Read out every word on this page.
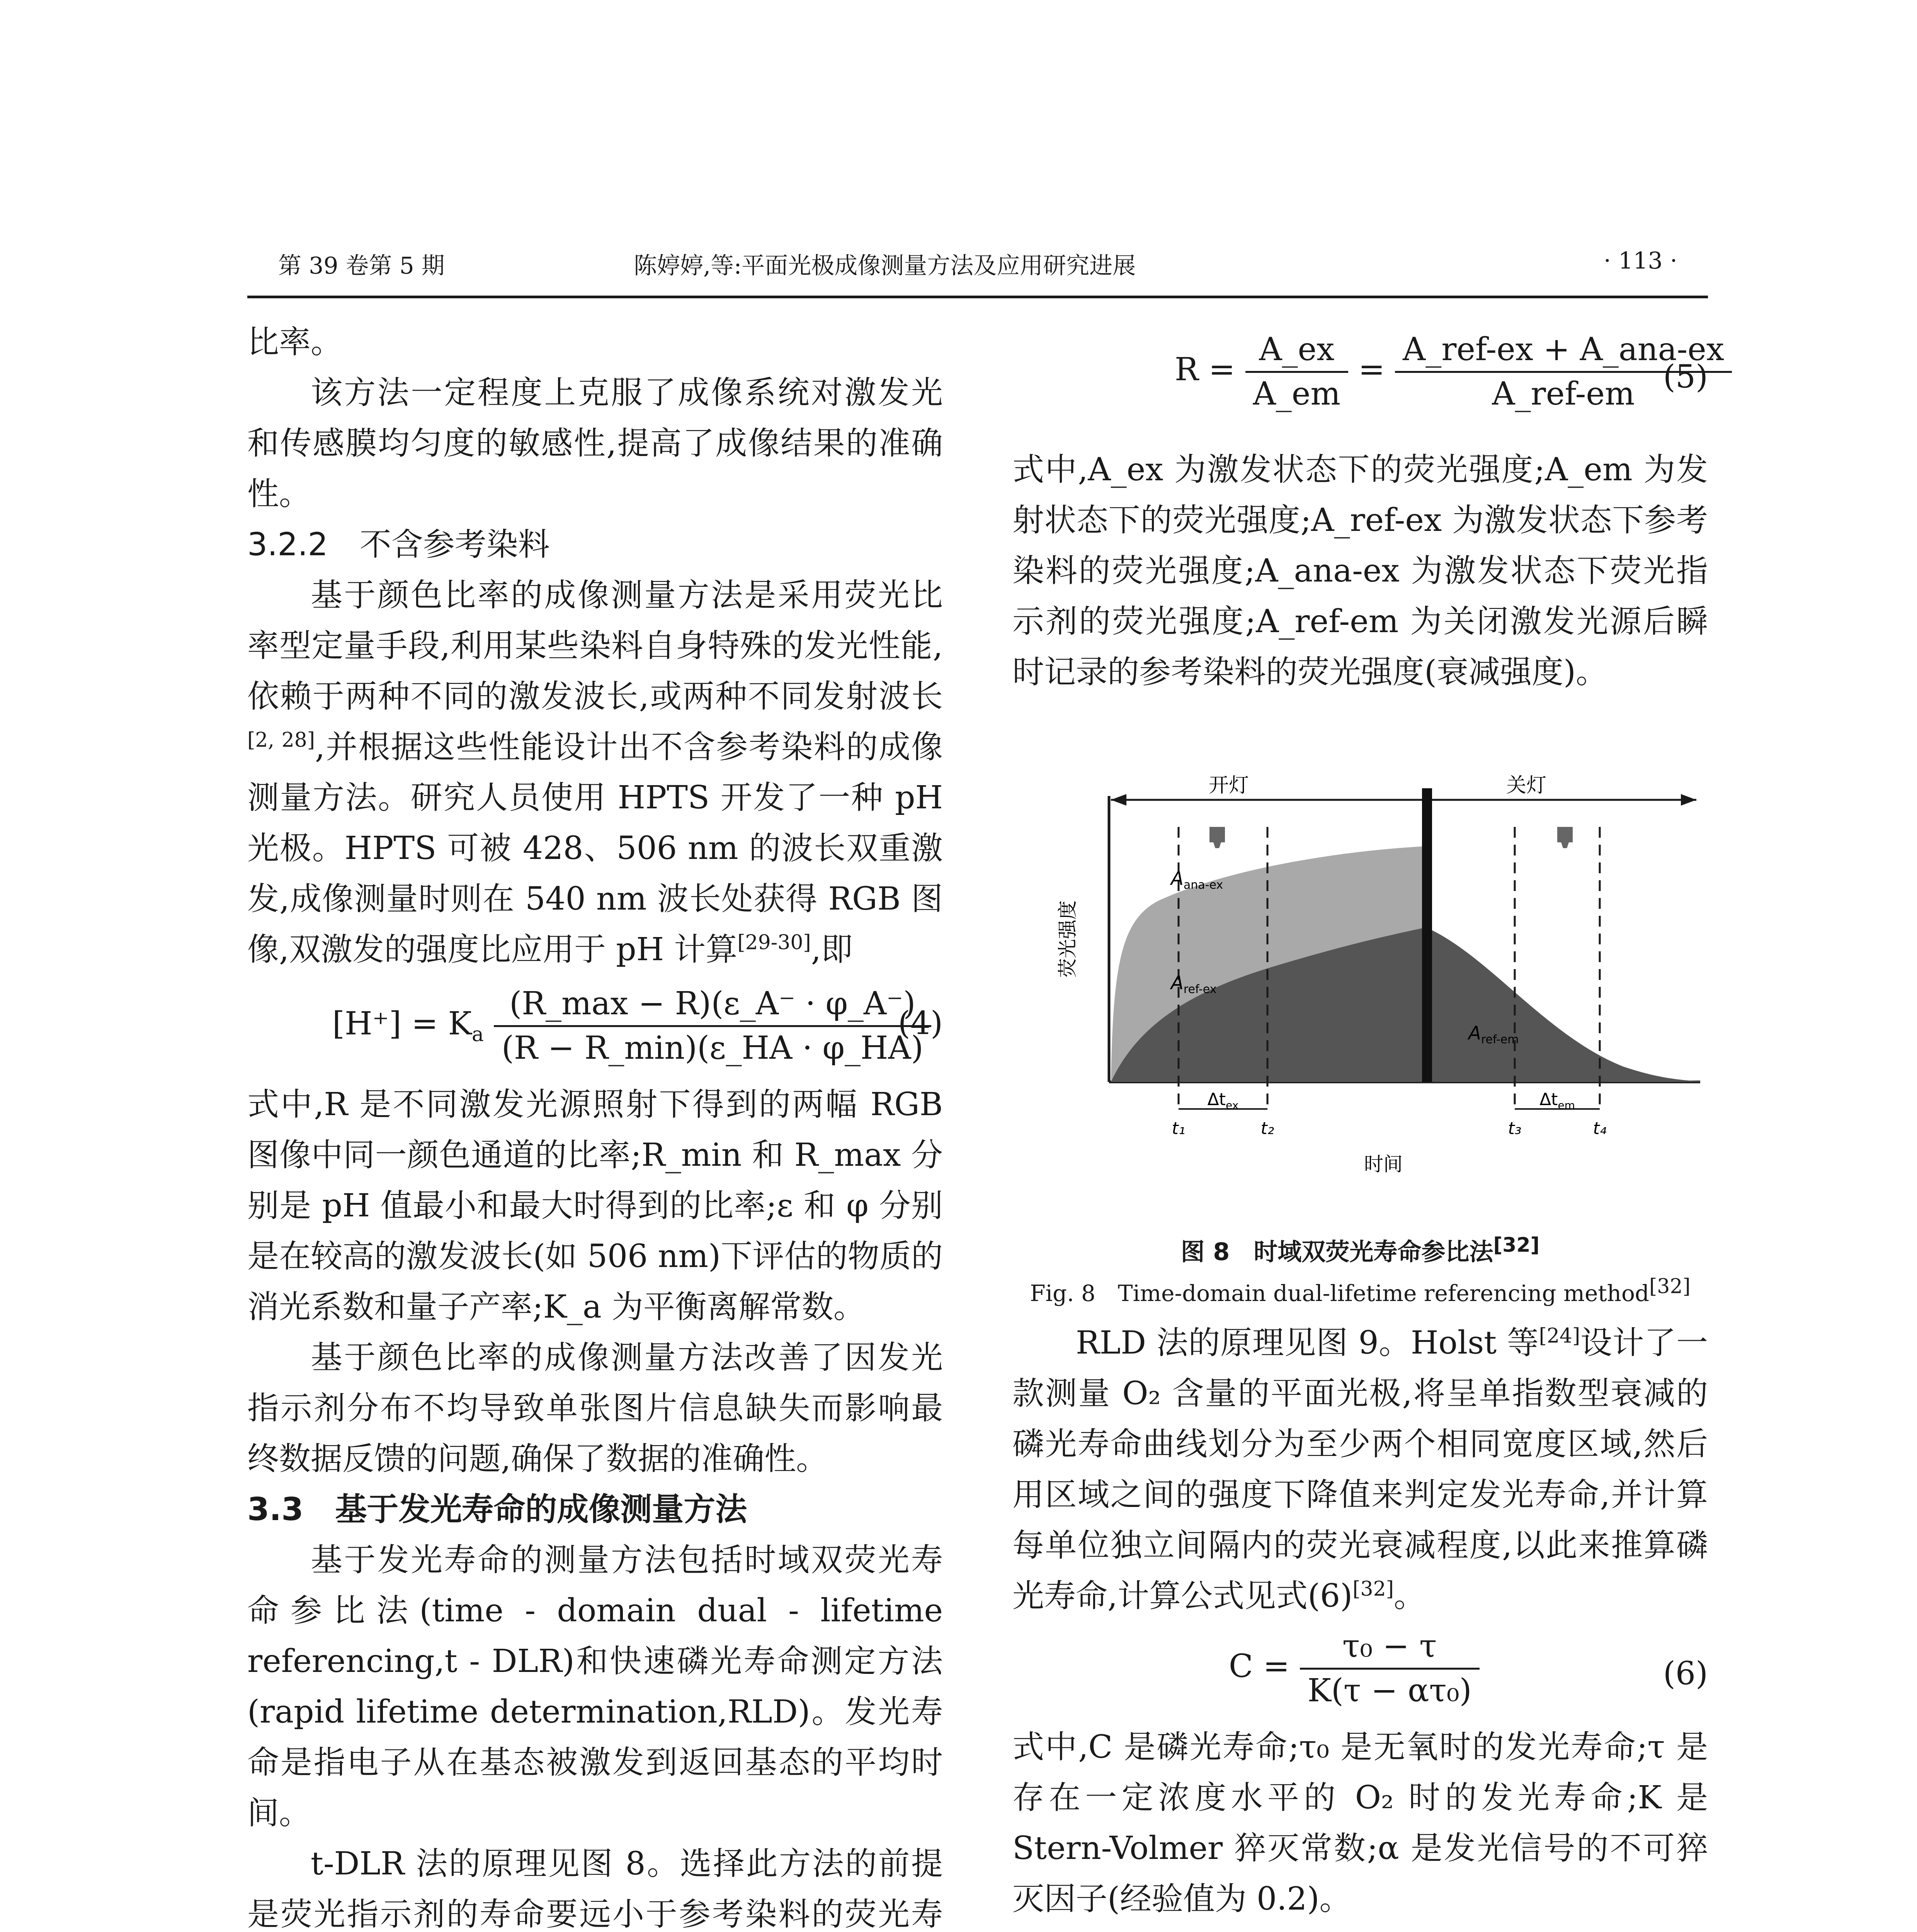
第 39 卷第 5 期	陈婷婷,等:平面光极成像测量方法及应用研究进展	· 113 ·

比率。

该方法一定程度上克服了成像系统对激发光和传感膜均匀度的敏感性,提高了成像结果的准确性。

3.2.2　不含参考染料

基于颜色比率的成像测量方法是采用荧光比率型定量手段,利用某些染料自身特殊的发光性能,依赖于两种不同的激发波长,或两种不同发射波长[2, 28],并根据这些性能设计出不含参考染料的成像测量方法。研究人员使用 HPTS 开发了一种 pH 光极。HPTS 可被 428、506 nm 的波长双重激发,成像测量时则在 540 nm 波长处获得 RGB 图像,双激发的强度比应用于 pH 计算[29-30],即

$[H^+] = K_a \frac{(R\_\max - R)(\varepsilon\_A^- \cdot \varphi\_A^-)}{(R - R\_\min)(\varepsilon\_HA \cdot \varphi\_HA)}$
(4)

式中,R 是不同激发光源照射下得到的两幅 RGB 图像中同一颜色通道的比率;R_min 和 R_max 分别是 pH 值最小和最大时得到的比率;ε 和 φ 分别是在较高的激发波长(如 506 nm)下评估的物质的消光系数和量子产率;K_a 为平衡离解常数。

基于颜色比率的成像测量方法改善了因发光指示剂分布不均导致单张图片信息缺失而影响最终数据反馈的问题,确保了数据的准确性。

3.3　基于发光寿命的成像测量方法

基于发光寿命的测量方法包括时域双荧光寿命参比法(time - domain dual - lifetime referencing,t - DLR)和快速磷光寿命测定方法(rapid lifetime determination,RLD)。发光寿命是指电子从在基态被激发到返回基态的平均时间。

t-DLR 法的原理见图 8。选择此方法的前提是荧光指示剂的寿命要远小于参考染料的荧光寿

$R = \frac{A\_ex}{A\_em} = \frac{\text{A\_ref-ex + A\_ana-ex}}{\text{A\_ref-em}}$
(5)

式中,A_ex 为激发状态下的荧光强度;A_em 为发射状态下的荧光强度;A_ref-ex 为激发状态下参考染料的荧光强度;A_ana-ex 为激发状态下荧光指示剂的荧光强度;A_ref-em 为关闭激发光源后瞬时记录的参考染料的荧光强度(衰减强度)。

开灯	关灯
荧光强度
$A_{ana-ex}$
$A_{ref-ex}$
$A_{ref-em}$
$\Delta t_{ex}$	$\Delta t_{em}$
t₁	t₂	t₃	t₄
时间
图 8　时域双荧光寿命参比法[32]
Fig. 8　Time-domain dual-lifetime referencing method[32]

RLD 法的原理见图 9。Holst 等[24]设计了一款测量 O₂ 含量的平面光极,将呈单指数型衰减的磷光寿命曲线划分为至少两个相同宽度区域,然后用区域之间的强度下降值来判定发光寿命,并计算每单位独立间隔内的荧光衰减程度,以此来推算磷光寿命,计算公式见式(6)[32]。

$C = \frac{\text{τ₀ − τ}}{\text{K(τ − ατ₀)}}$	(6)

式中,C 是磷光寿命;τ₀ 是无氧时的发光寿命;τ 是存在一定浓度水平的 O₂ 时的发光寿命;K 是 Stern-Volmer 猝灭常数;α 是发光信号的不可猝灭因子(经验值为 0.2)。
